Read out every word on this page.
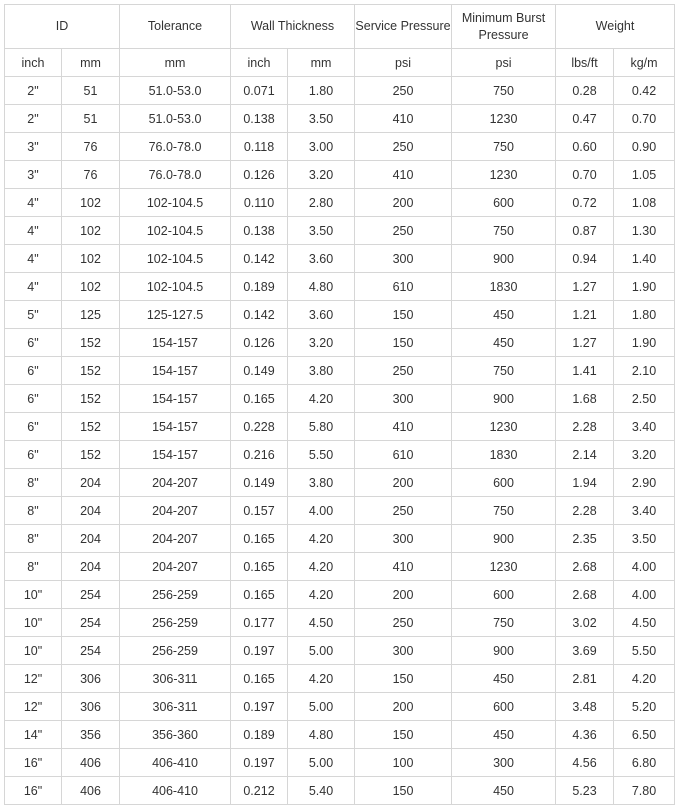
ID		Tolerance	Wall Thickness		Service Pressure	Minimum Burst Pressure	Weight	
inch	mm	mm	inch	mm	psi	psi	lbs/ft	kg/m
2"	51	51.0-53.0	0.071	1.80	250	750	0.28	0.42
2"	51	51.0-53.0	0.138	3.50	410	1230	0.47	0.70
3"	76	76.0-78.0	0.118	3.00	250	750	0.60	0.90
3"	76	76.0-78.0	0.126	3.20	410	1230	0.70	1.05
4"	102	102-104.5	0.110	2.80	200	600	0.72	1.08
4"	102	102-104.5	0.138	3.50	250	750	0.87	1.30
4"	102	102-104.5	0.142	3.60	300	900	0.94	1.40
4"	102	102-104.5	0.189	4.80	610	1830	1.27	1.90
5"	125	125-127.5	0.142	3.60	150	450	1.21	1.80
6"	152	154-157	0.126	3.20	150	450	1.27	1.90
6"	152	154-157	0.149	3.80	250	750	1.41	2.10
6"	152	154-157	0.165	4.20	300	900	1.68	2.50
6"	152	154-157	0.228	5.80	410	1230	2.28	3.40
6"	152	154-157	0.216	5.50	610	1830	2.14	3.20
8"	204	204-207	0.149	3.80	200	600	1.94	2.90
8"	204	204-207	0.157	4.00	250	750	2.28	3.40
8"	204	204-207	0.165	4.20	300	900	2.35	3.50
8"	204	204-207	0.165	4.20	410	1230	2.68	4.00
10"	254	256-259	0.165	4.20	200	600	2.68	4.00
10"	254	256-259	0.177	4.50	250	750	3.02	4.50
10"	254	256-259	0.197	5.00	300	900	3.69	5.50
12"	306	306-311	0.165	4.20	150	450	2.81	4.20
12"	306	306-311	0.197	5.00	200	600	3.48	5.20
14"	356	356-360	0.189	4.80	150	450	4.36	6.50
16"	406	406-410	0.197	5.00	100	300	4.56	6.80
16"	406	406-410	0.212	5.40	150	450	5.23	7.80
